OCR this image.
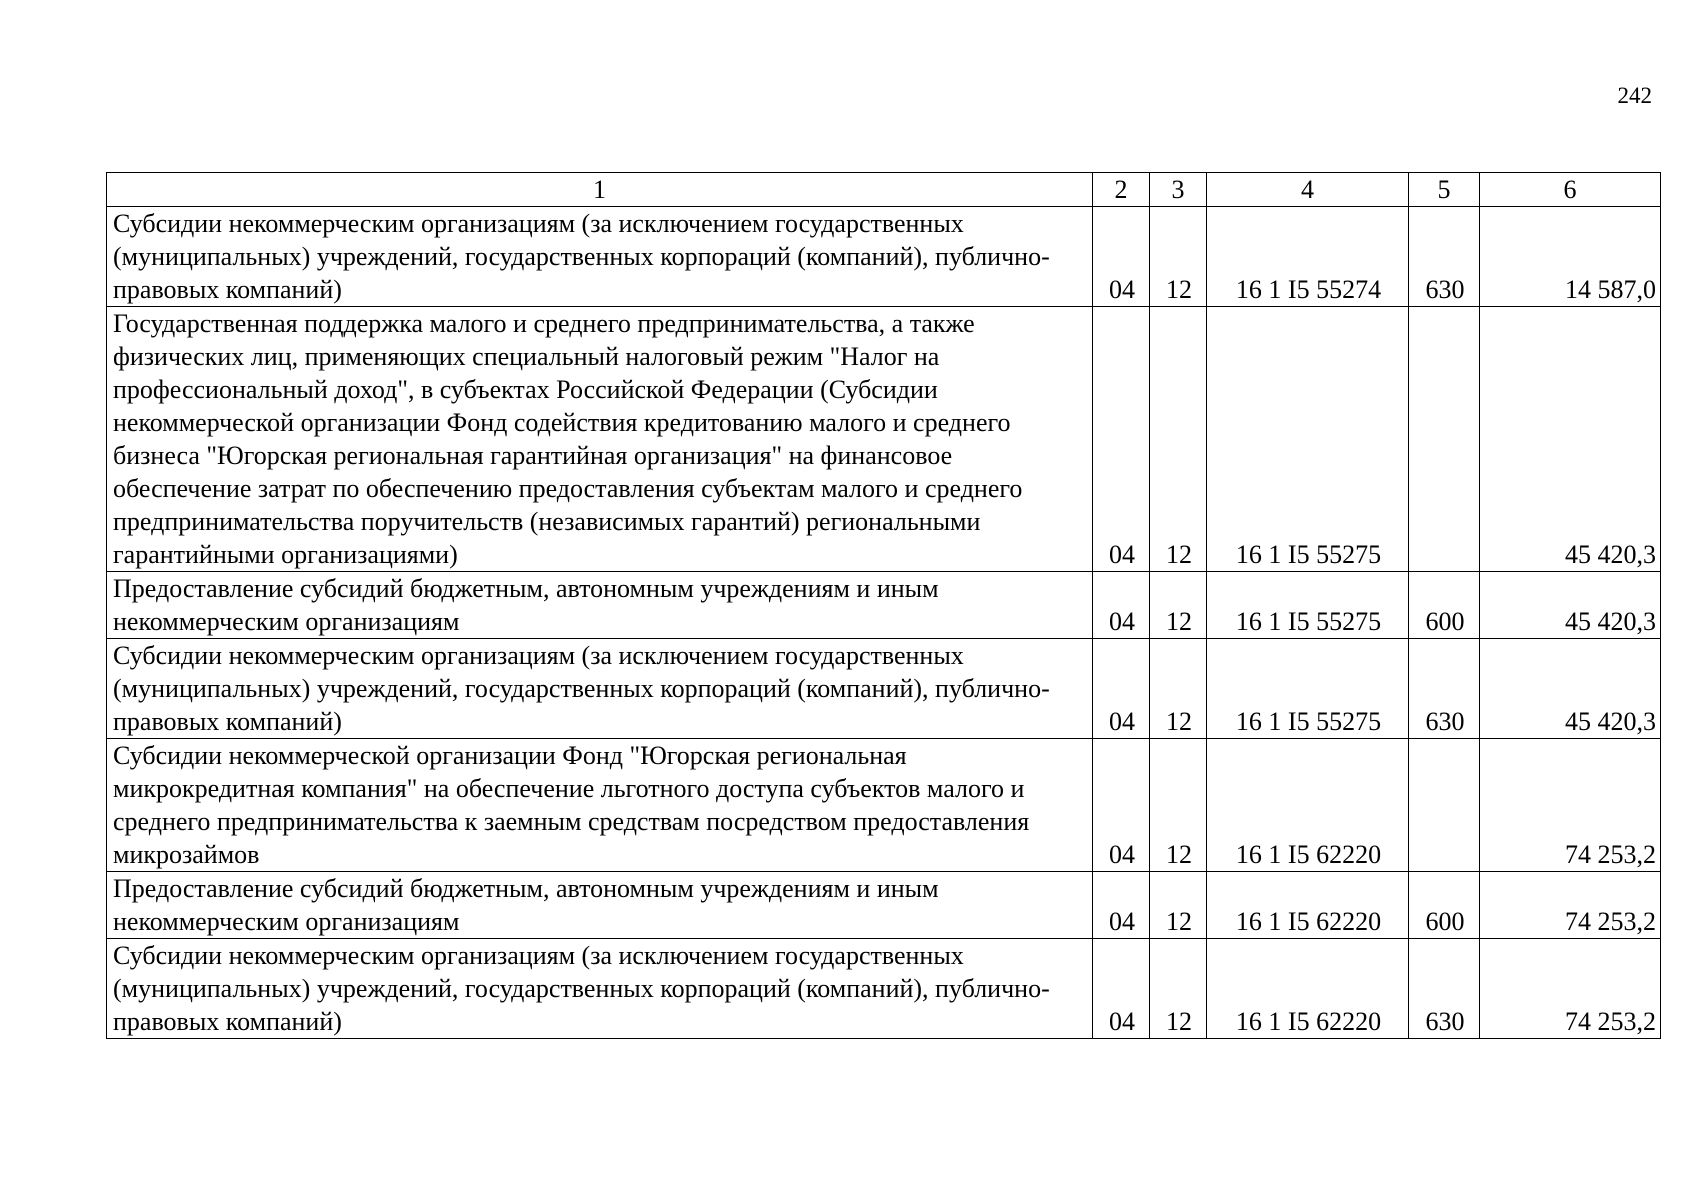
242
1	2	3	4	5	6
Субсидии некоммерческим организациям (за исключением государственных (муниципальных) учреждений, государственных корпораций (компаний), публично-правовых компаний)	04	12	16 1 I5 55274	630	14 587,0
Государственная поддержка малого и среднего предпринимательства, а также физических лиц, применяющих специальный налоговый режим "Налог на профессиональный доход", в субъектах Российской Федерации (Субсидии некоммерческой организации Фонд содействия кредитованию малого и среднего бизнеса "Югорская региональная гарантийная организация" на финансовое обеспечение затрат по обеспечению предоставления субъектам малого и среднего предпринимательства поручительств (независимых гарантий) региональными гарантийными организациями)	04	12	16 1 I5 55275		45 420,3
Предоставление субсидий бюджетным, автономным учреждениям и иным некоммерческим организациям	04	12	16 1 I5 55275	600	45 420,3
Субсидии некоммерческим организациям (за исключением государственных (муниципальных) учреждений, государственных корпораций (компаний), публично-правовых компаний)	04	12	16 1 I5 55275	630	45 420,3
Субсидии некоммерческой организации Фонд "Югорская региональная микрокредитная компания" на обеспечение льготного доступа субъектов малого и среднего предпринимательства к заемным средствам посредством предоставления микрозаймов	04	12	16 1 I5 62220		74 253,2
Предоставление субсидий бюджетным, автономным учреждениям и иным некоммерческим организациям	04	12	16 1 I5 62220	600	74 253,2
Субсидии некоммерческим организациям (за исключением государственных (муниципальных) учреждений, государственных корпораций (компаний), публично-правовых компаний)	04	12	16 1 I5 62220	630	74 253,2
